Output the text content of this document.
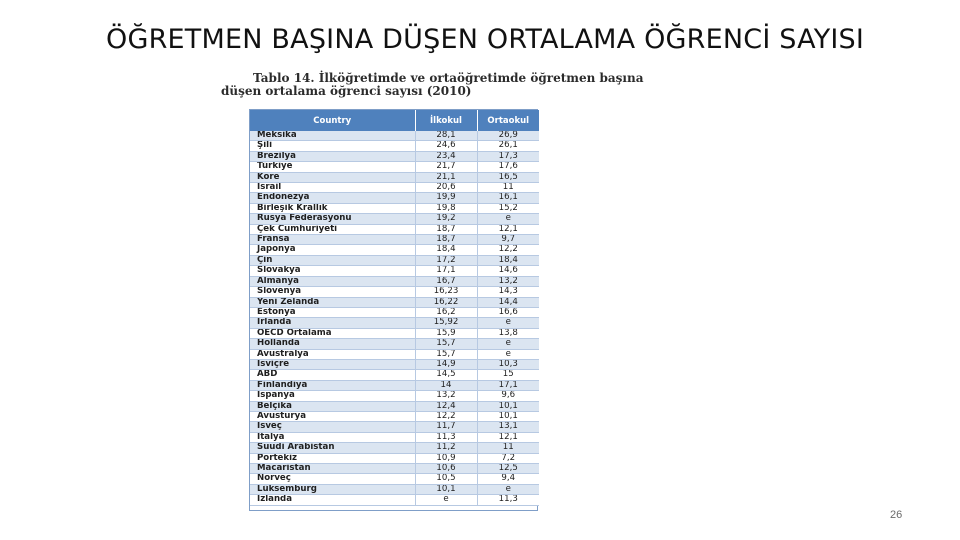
ÖĞRETMEN BAŞINA DÜŞEN ORTALAMA ÖĞRENCİ SAYISI
Tablo 14. İlköğretimde ve ortaöğretimde öğretmen başına
düşen ortalama öğrenci sayısı (2010)
Country	İlkokul	Ortaokul
Meksika	28,1	26,9
Şili	24,6	26,1
Brezilya	23,4	17,3
Türkiye	21,7	17,6
Kore	21,1	16,5
İsrail	20,6	11
Endonezya	19,9	16,1
Birleşik Krallık	19,8	15,2
Rusya Federasyonu	19,2	e
Çek Cumhuriyeti	18,7	12,1
Fransa	18,7	9,7
Japonya	18,4	12,2
Çin	17,2	18,4
Slovakya	17,1	14,6
Almanya	16,7	13,2
Slovenya	16,23	14,3
Yeni Zelanda	16,22	14,4
Estonya	16,2	16,6
İrlanda	15,92	e
OECD Ortalama	15,9	13,8
Hollanda	15,7	e
Avustralya	15,7	e
İsviçre	14,9	10,3
ABD	14,5	15
Finlandiya	14	17,1
İspanya	13,2	9,6
Belçika	12,4	10,1
Avusturya	12,2	10,1
İsveç	11,7	13,1
İtalya	11,3	12,1
Suudi Arabistan	11,2	11
Portekiz	10,9	7,2
Macaristan	10,6	12,5
Norveç	10,5	9,4
Lüksemburg	10,1	e
İzlanda	e	11,3
26
